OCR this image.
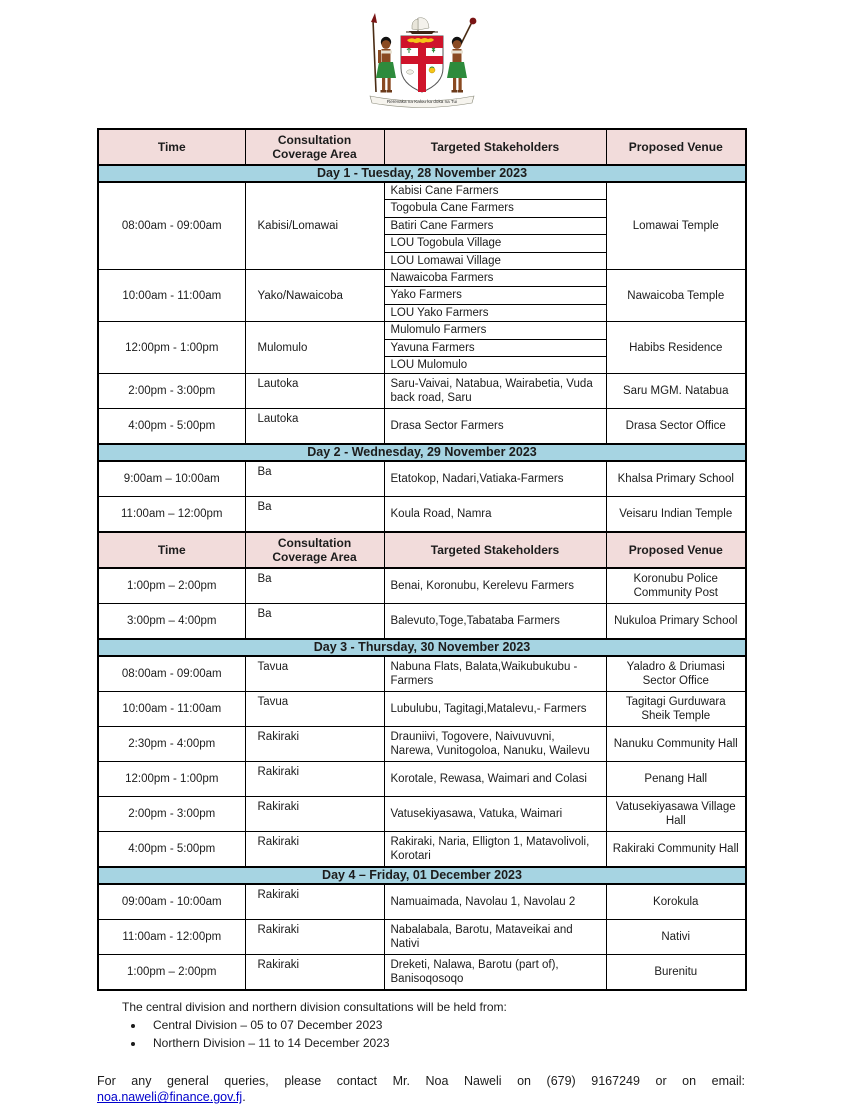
Rerevaka na Kalou ka doka na Tui
Time	Consultation
Coverage Area	Targeted Stakeholders	Proposed Venue
Day 1 - Tuesday, 28 November 2023			
08:00am - 09:00am	Kabisi/Lomawai	Kabisi Cane Farmers
Togobula Cane Farmers
Batiri Cane Farmers
LOU Togobula Village
LOU Lomawai Village	Lomawai Temple
10:00am - 11:00am	Yako/Nawaicoba	Nawaicoba Farmers
Yako Farmers
LOU Yako Farmers	Nawaicoba Temple
12:00pm - 1:00pm	Mulomulo	Mulomulo Farmers
Yavuna Farmers
LOU Mulomulo	Habibs Residence
2:00pm - 3:00pm	Lautoka	Saru-Vaivai, Natabua, Wairabetia, Vuda back road, Saru	Saru MGM. Natabua
4:00pm - 5:00pm	Lautoka	Drasa Sector Farmers	Drasa Sector Office
Day 2 - Wednesday, 29 November 2023			
9:00am – 10:00am	Ba	Etatokop, Nadari,Vatiaka-Farmers	Khalsa Primary School
11:00am – 12:00pm	Ba	Koula Road, Namra	Veisaru Indian Temple
Time	Consultation
Coverage Area	Targeted Stakeholders	Proposed Venue
1:00pm – 2:00pm	Ba	Benai, Koronubu, Kerelevu Farmers	Koronubu Police Community Post
3:00pm – 4:00pm	Ba	Balevuto,Toge,Tabataba Farmers	Nukuloa Primary School
Day 3 - Thursday, 30 November 2023			
08:00am - 09:00am	Tavua	Nabuna Flats, Balata,Waikubukubu -Farmers	Yaladro & Driumasi Sector Office
10:00am - 11:00am	Tavua	Lubulubu, Tagitagi,Matalevu,- Farmers	Tagitagi Gurduwara Sheik Temple
2:30pm - 4:00pm	Rakiraki	Drauniivi, Togovere, Naivuvuvni, Narewa, Vunitogoloa, Nanuku, Wailevu	Nanuku Community Hall
12:00pm - 1:00pm	Rakiraki	Korotale, Rewasa, Waimari and Colasi	Penang Hall
2:00pm - 3:00pm	Rakiraki	Vatusekiyasawa, Vatuka, Waimari	Vatusekiyasawa Village Hall
4:00pm - 5:00pm	Rakiraki	Rakiraki, Naria, Elligton 1, Matavolivoli, Korotari	Rakiraki Community Hall
Day 4 – Friday, 01 December 2023			
09:00am - 10:00am	Rakiraki	Namuaimada, Navolau 1, Navolau 2	Korokula
11:00am - 12:00pm	Rakiraki	Nabalabala, Barotu, Mataveikai and Nativi	Nativi
1:00pm – 2:00pm	Rakiraki	Dreketi, Nalawa, Barotu (part of), Banisoqosoqo	Burenitu
The central division and northern division consultations will be held from:
• Central Division – 05 to 07 December 2023
• Northern Division – 11 to 14 December 2023
For any general queries, please contact Mr. Noa Naweli on (679) 9167249 or on email:
noa.naweli@finance.gov.fj.
